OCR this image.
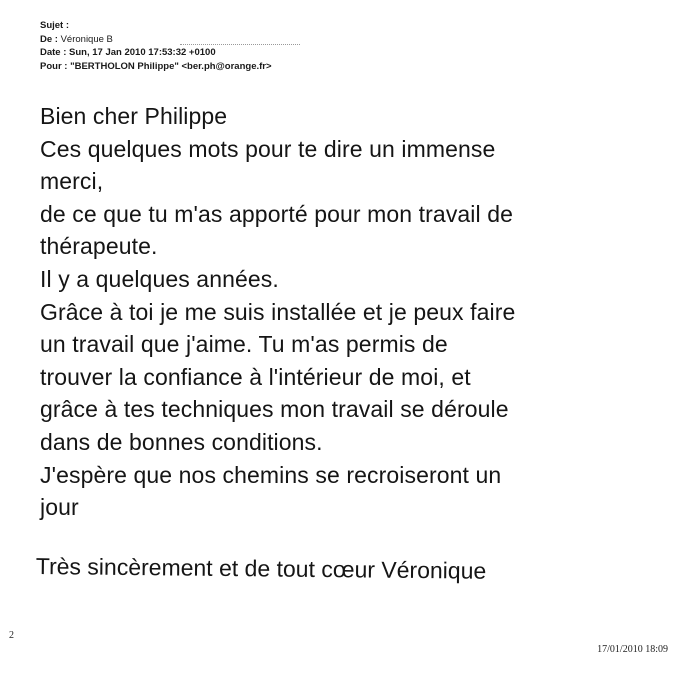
Sujet :
De : Véronique B
Date : Sun, 17 Jan 2010 17:53:32 +0100
Pour : "BERTHOLON Philippe" <ber.ph@orange.fr>
Bien cher Philippe
Ces quelques mots pour te dire un immense
merci,
de ce que tu m'as apporté pour mon travail de
thérapeute.
Il y a quelques années.
Grâce à toi je me suis installée et je peux faire
un travail que j'aime. Tu m'as permis de
trouver la confiance à l'intérieur de moi, et
grâce à tes techniques mon travail se déroule
dans de bonnes conditions.
J'espère que nos chemins se recroiseront un
jour
Très sincèrement et de tout cœur Véronique
2
17/01/2010 18:09
